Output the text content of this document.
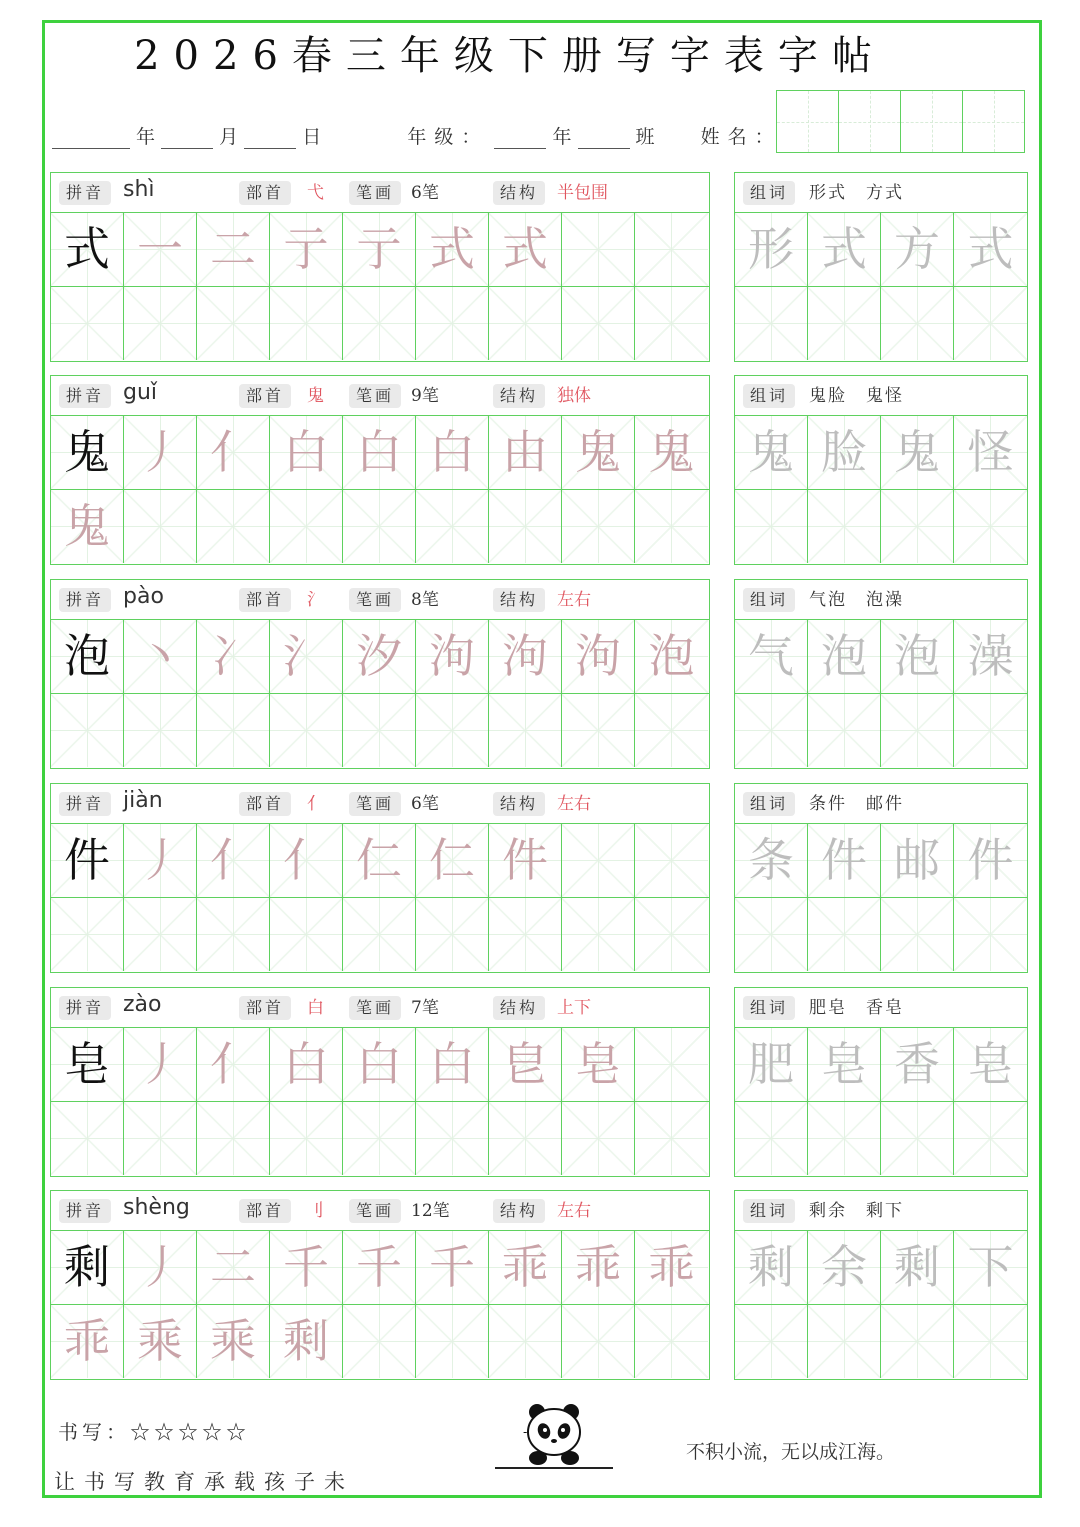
2026春三年级下册写字表字帖
年	月	日	年级：	年	班 姓名：
拼音 shì	部首	弋	笔画 6笔	结构	半包围
式 一 二 亍 亍 式 式
组词	形式　方式
形 式 方 式
拼音 guǐ	部首	鬼	笔画 9笔	结构	独体
鬼 丿 亻 白 白 白 由 鬼 鬼
鬼
组词	鬼脸　鬼怪
鬼 脸 鬼 怪
拼音 pào	部首	氵	笔画 8笔	结构	左右
泡 丶 冫 氵 汐 泃 泃 泃 泡
组词	气泡　泡澡
气 泡 泡 澡
拼音 jiàn	部首	亻	笔画 6笔	结构	左右
件 丿 亻 亻 仁 仁 件
组词	条件　邮件
条 件 邮 件
拼音 zào	部首	白	笔画 7笔	结构	上下
皂 丿 亻 白 白 白 皀 皂
组词	肥皂　香皂
肥 皂 香 皂
拼音 shèng	部首	刂	笔画 12笔	结构	左右
剩 丿 二 千 千 千 乖 乖 乖
乖 乘 乘 剩
组词	剩余　剩下
剩 余 剩 下
书写：☆☆☆☆☆
让书写教育承载孩子未
不积小流，无以成江海。
-
